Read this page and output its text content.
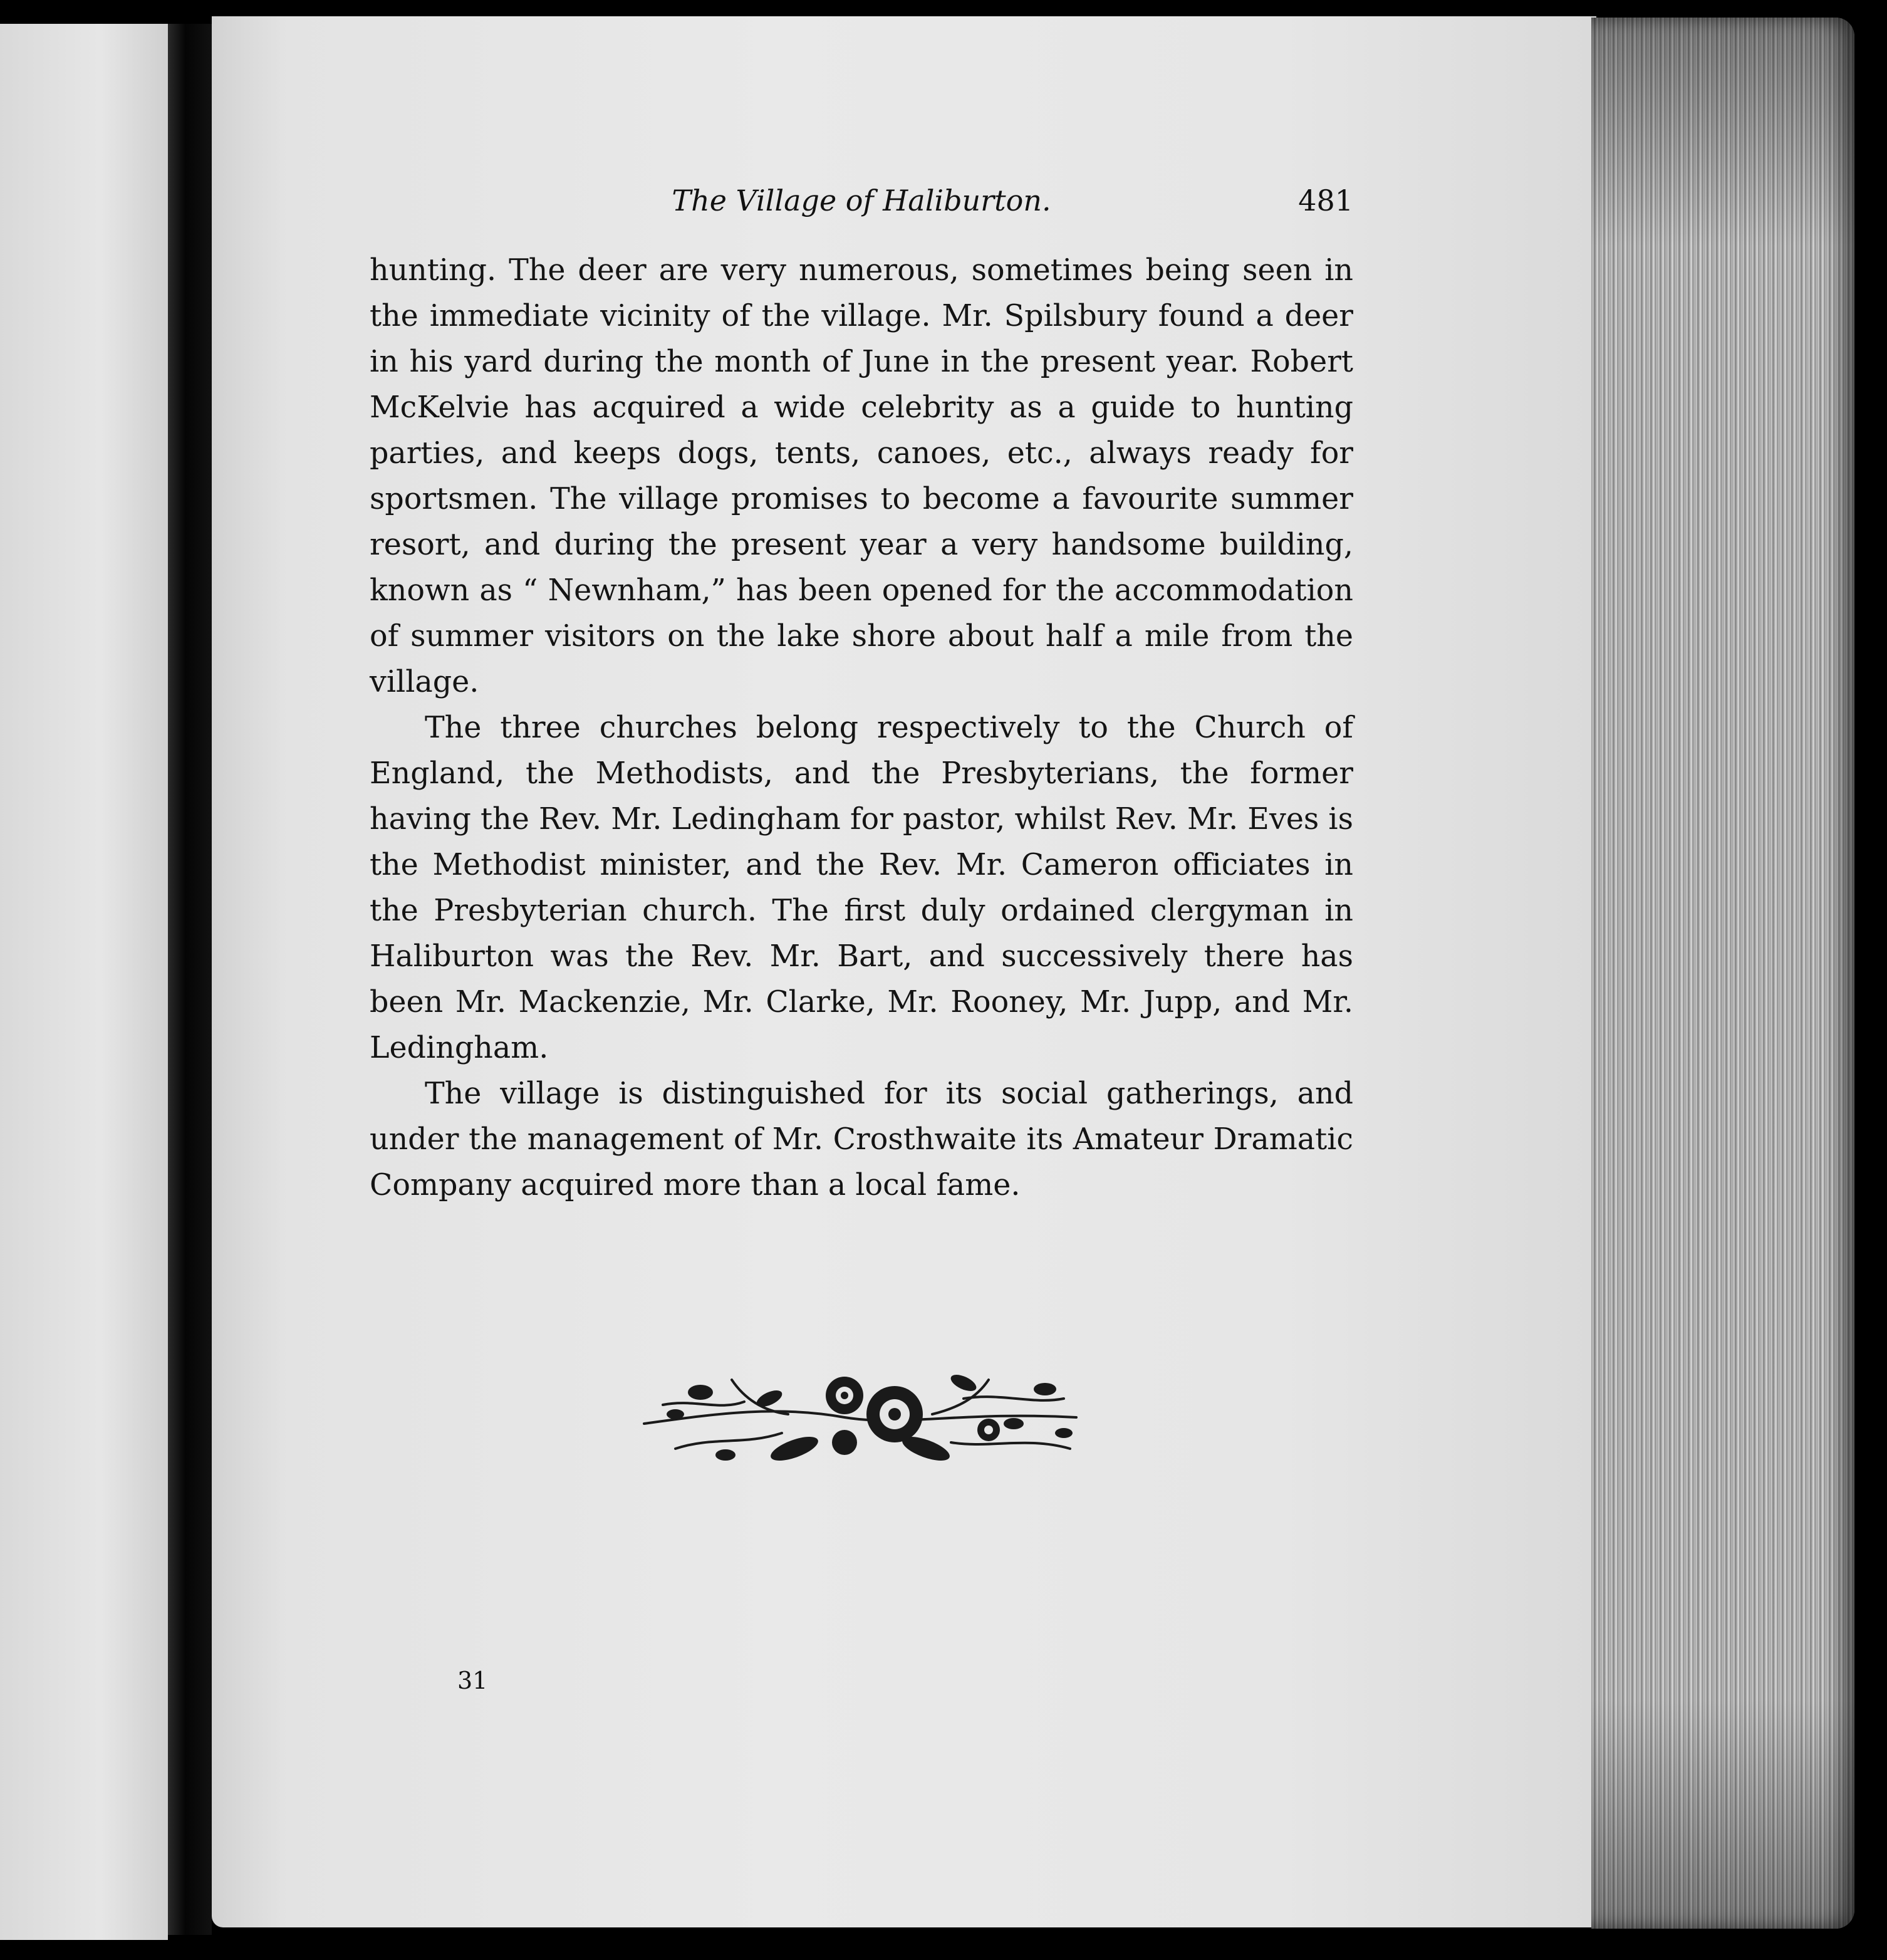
The Village of Haliburton.	481

hunting. The deer are very numerous, sometimes being seen in the immediate vicinity of the village. Mr. Spilsbury found a deer in his yard during the month of June in the present year. Robert McKelvie has acquired a wide celebrity as a guide to hunting parties, and keeps dogs, tents, canoes, etc., always ready for sportsmen. The village promises to become a favourite summer resort, and during the present year a very handsome building, known as “ Newnham,” has been opened for the accommodation of summer visitors on the lake shore about half a mile from the village.

The three churches belong respectively to the Church of England, the Methodists, and the Presbyterians, the former having the Rev. Mr. Ledingham for pastor, whilst Rev. Mr. Eves is the Methodist minister, and the Rev. Mr. Cameron officiates in the Presbyterian church. The first duly ordained clergyman in Haliburton was the Rev. Mr. Bart, and successively there has been Mr. Mackenzie, Mr. Clarke, Mr. Rooney, Mr. Jupp, and Mr. Ledingham.

The village is distinguished for its social gatherings, and under the management of Mr. Crosthwaite its Amateur Dramatic Company acquired more than a local fame.

31
